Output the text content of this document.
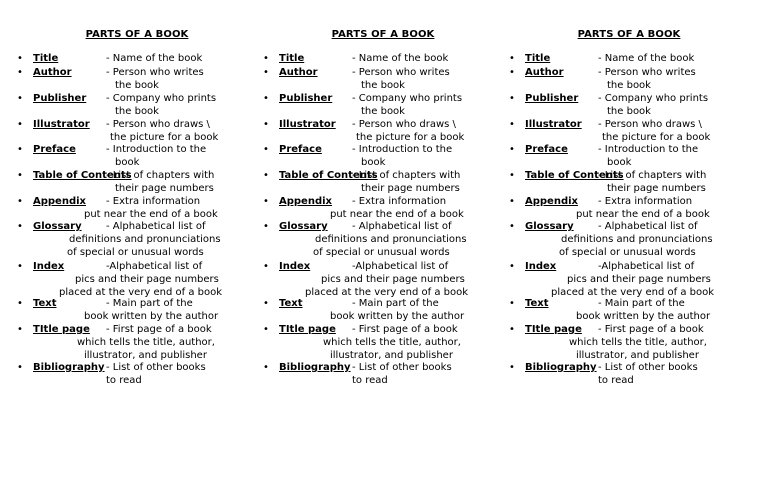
PARTS OF A BOOK
• Title	- Name of the book
• Author	- Person who writes
the book
• Publisher - Company who prints
the book
• Illustrator - Person who draws \
the picture for a book
• Preface	- Introduction to the
book
• Table of Contents
- List of chapters with
their page numbers
• Appendix - Extra information
put near the end of a book
• Glossary - Alphabetical list of
definitions and pronunciations
of special or unusual words
• Index	-Alphabetical list of
pics and their page numbers
placed at the very end of a book
• Text	- Main part of the
book written by the author
• TItle page - First page of a book
which tells the title, author,
illustrator, and publisher
• Bibliography - List of other books
to read
PARTS OF A BOOK
• Title	- Name of the book
• Author	- Person who writes
the book
• Publisher - Company who prints
the book
• Illustrator - Person who draws \
the picture for a book
• Preface	- Introduction to the
book
• Table of Contents
- List of chapters with
their page numbers
• Appendix - Extra information
put near the end of a book
• Glossary - Alphabetical list of
definitions and pronunciations
of special or unusual words
• Index	-Alphabetical list of
pics and their page numbers
placed at the very end of a book
• Text	- Main part of the
book written by the author
• TItle page - First page of a book
which tells the title, author,
illustrator, and publisher
• Bibliography - List of other books
to read
PARTS OF A BOOK
• Title	- Name of the book
• Author	- Person who writes
the book
• Publisher - Company who prints
the book
• Illustrator - Person who draws \
the picture for a book
• Preface	- Introduction to the
book
• Table of Contents
- List of chapters with
their page numbers
• Appendix - Extra information
put near the end of a book
• Glossary - Alphabetical list of
definitions and pronunciations
of special or unusual words
• Index	-Alphabetical list of
pics and their page numbers
placed at the very end of a book
• Text	- Main part of the
book written by the author
• TItle page - First page of a book
which tells the title, author,
illustrator, and publisher
• Bibliography - List of other books
to read
